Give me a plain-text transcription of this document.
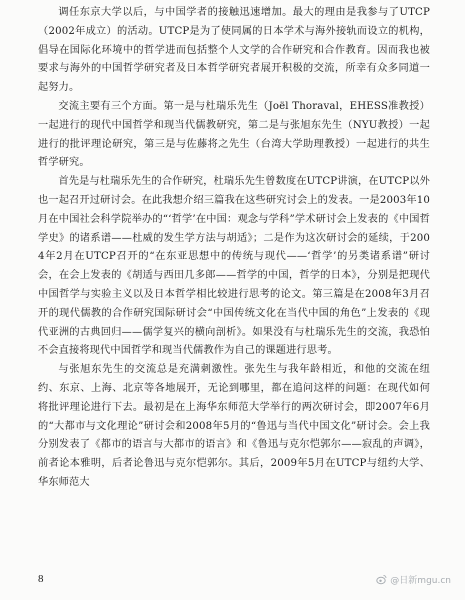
调任东京大学以后，与中国学者的接触迅速增加。最大的理由是我参与了UTCP（2002年成立）的活动。UTCP是为了使同属的日本学术与海外接轨而设立的机构，倡导在国际化环境中的哲学进而包括整个人文学的合作研究和合作教育。因而我也被要求与海外的中国哲学研究者及日本哲学研究者展开积极的交流，所幸有众多同道一起努力。

交流主要有三个方面。第一是与杜瑞乐先生（Joël Thoraval，EHESS准教授）一起进行的现代中国哲学和现当代儒教研究，第二是与张旭东先生（NYU教授）一起进行的批评理论研究，第三是与佐藤将之先生（台湾大学助理教授）一起进行的共生哲学研究。

首先是与杜瑞乐先生的合作研究，杜瑞乐先生曾数度在UTCP讲演，在UTCP以外也一起召开过研讨会。在此我想介绍三篇我在这些研究讨会上的发表。一是2003年10月在中国社会科学院举办的“‘哲学’在中国：观念与学科”学术研讨会上发表的《中国哲学史》的诸系谱——杜威的发生学方法与胡适》；二是作为这次研讨会的延续，于2004年2月在UTCP召开的“在东亚思想中的传统与现代——‘哲学’的另类诸系谱”研讨会，在会上发表的《胡适与西田几多郎——哲学的中国，哲学的日本》，分别是把现代中国哲学与实验主义以及日本哲学相比较进行思考的论文。第三篇是在2008年3月召开的现代儒教的合作研究国际研讨会“中国传统文化在当代中国的角色”上发表的《现代亚洲的古典回归——儒学复兴的横向剖析》。如果没有与杜瑞乐先生的交流，我恐怕不会直接将现代中国哲学和现当代儒教作为自己的课题进行思考。

与张旭东先生的交流总是充满刺激性。张先生与我年龄相近，和他的交流在纽约、东京、上海、北京等各地展开，无论到哪里，都在追问这样的问题：在现代如何将批评理论进行下去。最初是在上海华东师范大学举行的两次研讨会，即2007年6月的“大都市与文化理论”研讨会和2008年5月的“鲁迅与当代中国文化”研讨会。会上我分别发表了《都市的语言与大都市的语言》和《鲁迅与克尔恺郭尔——寂乱的声调》，前者论本雅明，后者论鲁迅与克尔恺郭尔。其后，2009年5月在UTCP与纽约大学、华东师范大

8	@日新mgu.cn
